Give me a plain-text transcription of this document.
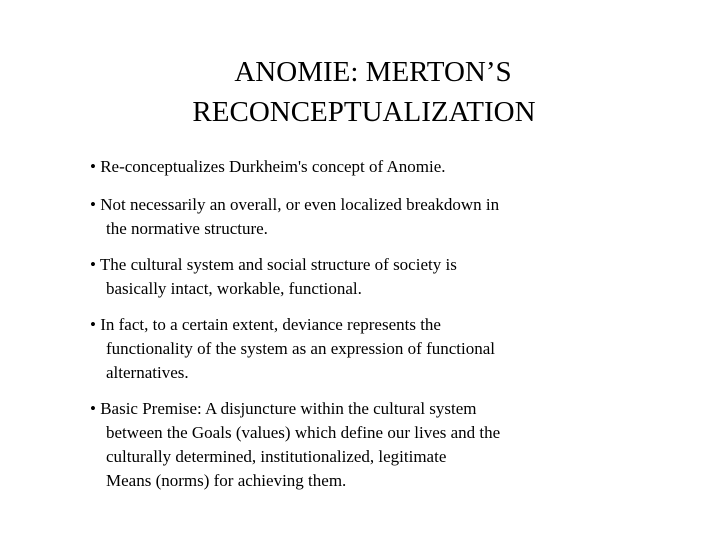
ANOMIE: MERTON’S
RECONCEPTUALIZATION
• Re-conceptualizes Durkheim's concept of Anomie.
• Not necessarily an overall, or even localized breakdown in
the normative structure.
• The cultural system and social structure of society is
basically intact, workable, functional.
• In fact, to a certain extent, deviance represents the
functionality of the system as an expression of functional
alternatives.
• Basic Premise: A disjuncture within the cultural system
between the Goals (values) which define our lives and the
culturally determined, institutionalized, legitimate
Means (norms) for achieving them.
